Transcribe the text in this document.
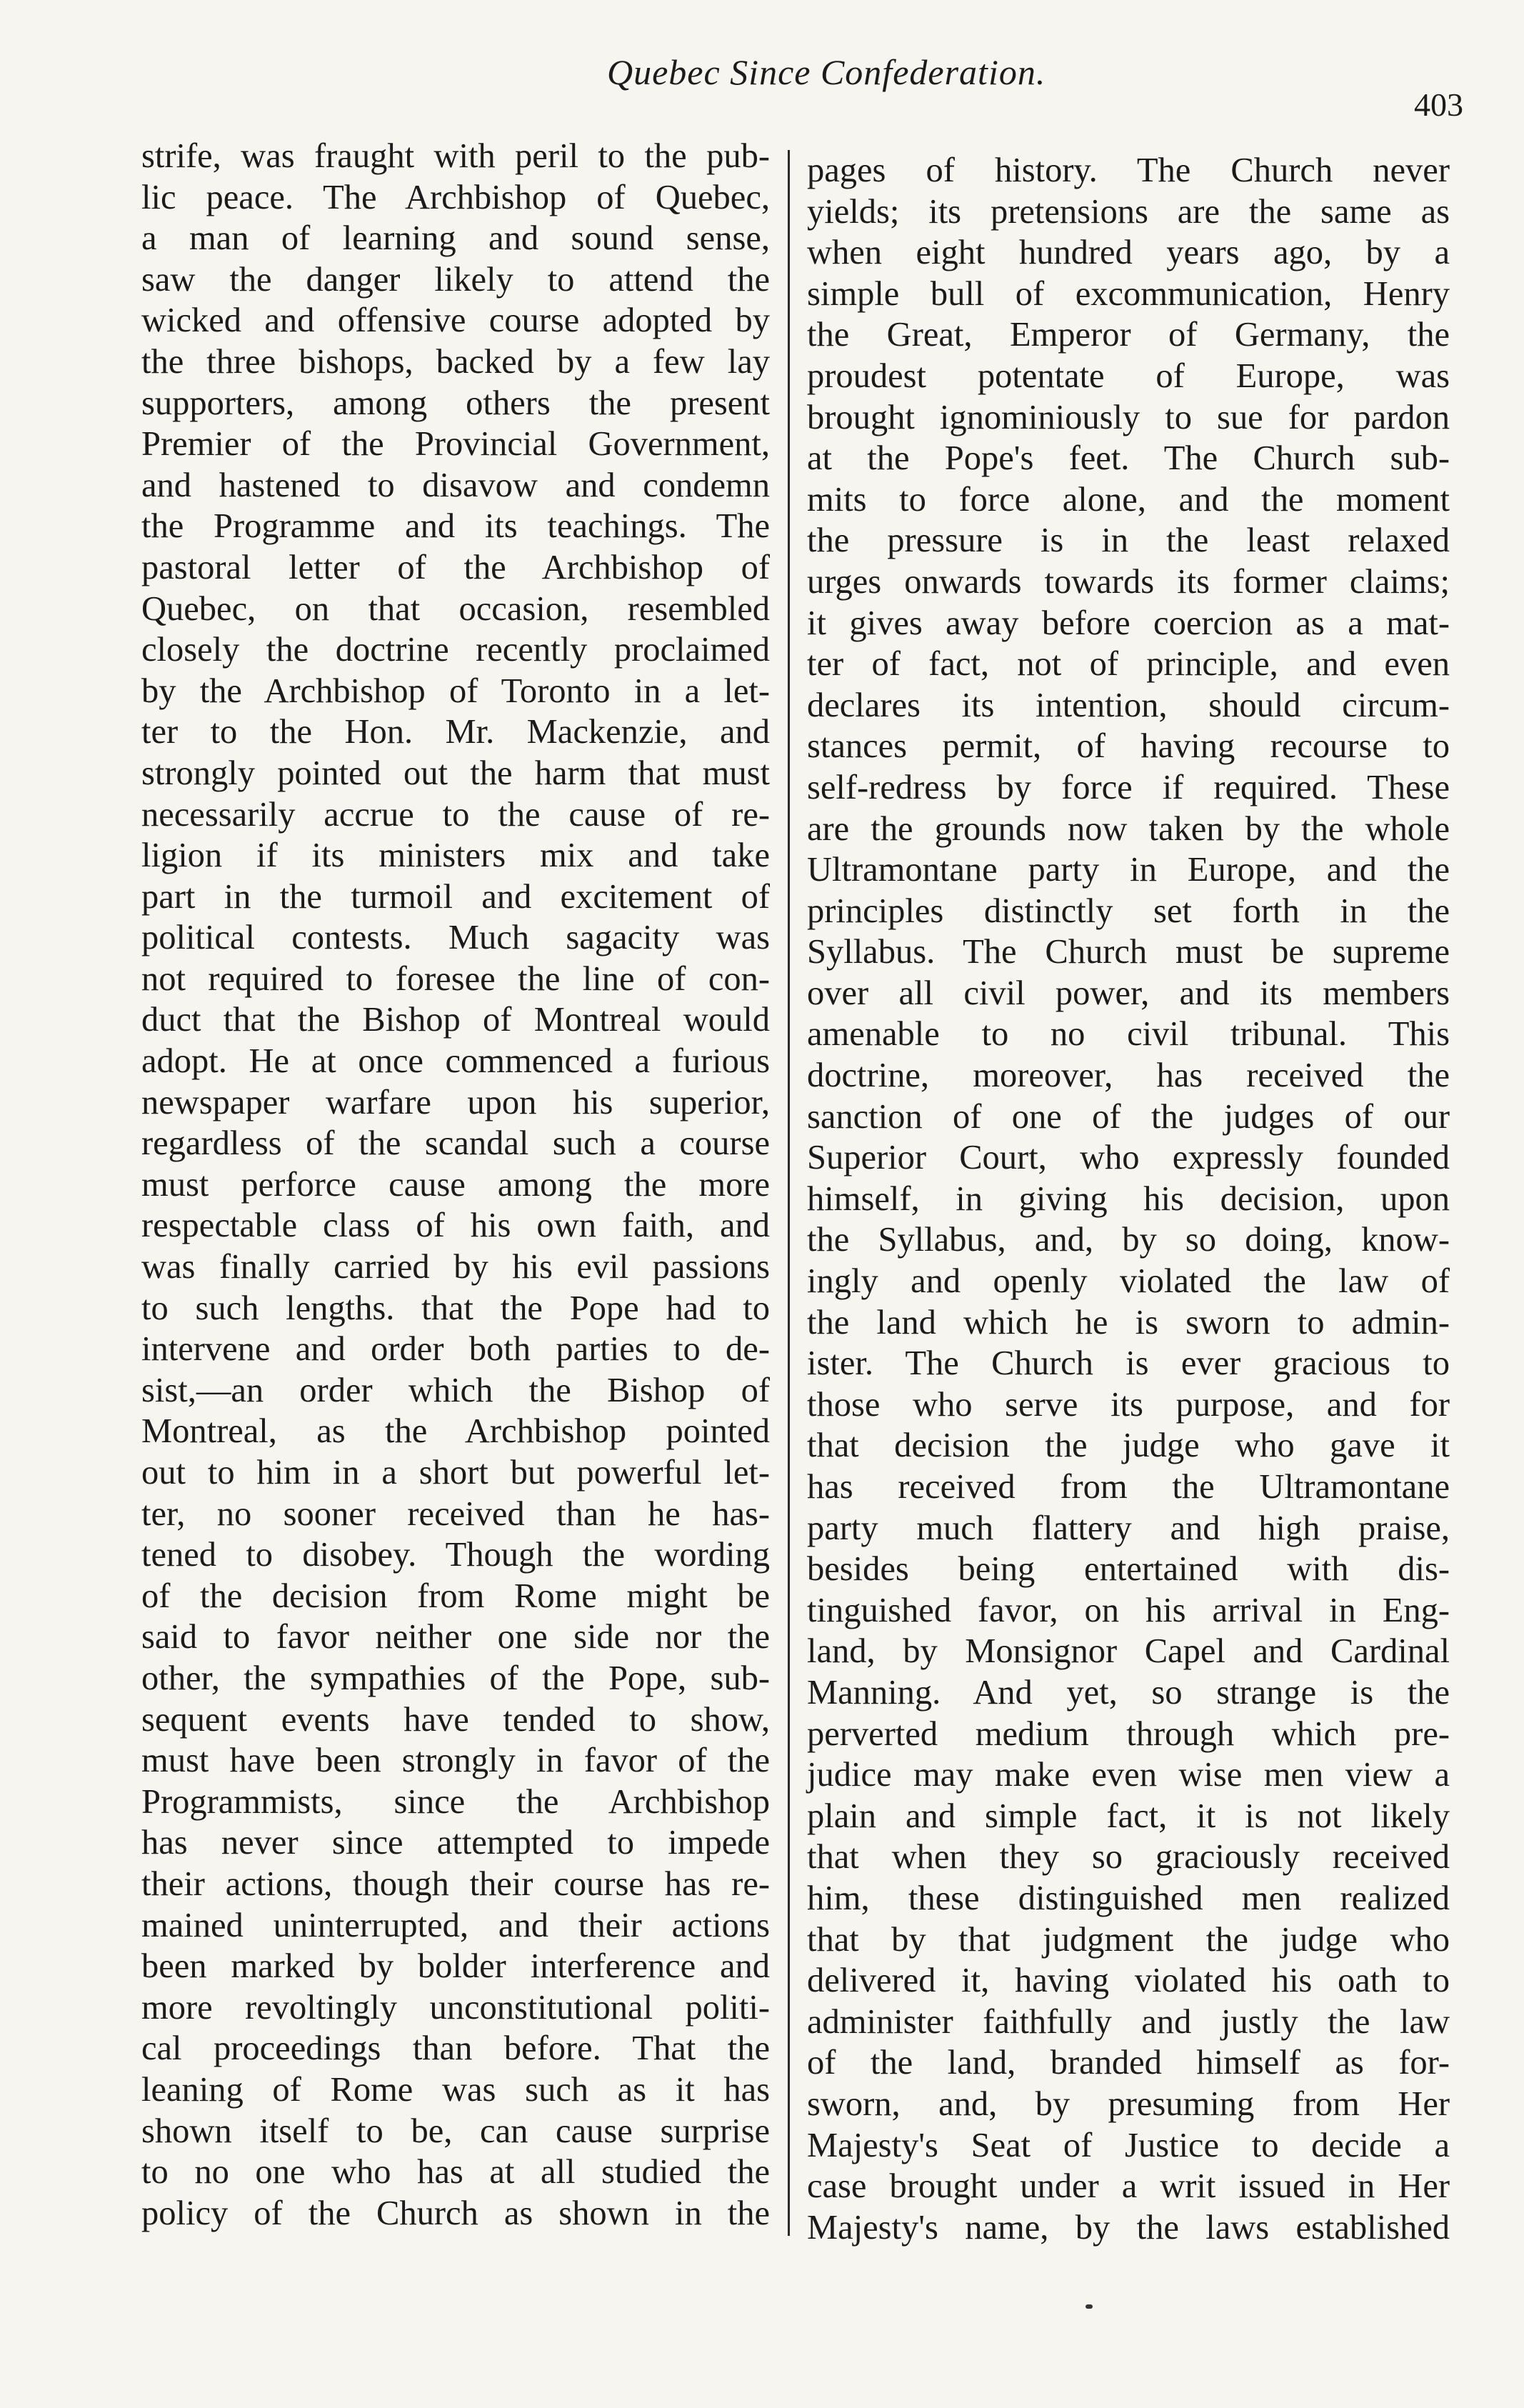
Quebec Since Confederation.
403
strife, was fraught with peril to the pub-
lic peace. The Archbishop of Quebec,
a man of learning and sound sense,
saw the danger likely to attend the
wicked and offensive course adopted by
the three bishops, backed by a few lay
supporters, among others the present
Premier of the Provincial Government,
and hastened to disavow and condemn
the Programme and its teachings. The
pastoral letter of the Archbishop of
Quebec, on that occasion, resembled
closely the doctrine recently proclaimed
by the Archbishop of Toronto in a let-
ter to the Hon. Mr. Mackenzie, and
strongly pointed out the harm that must
necessarily accrue to the cause of re-
ligion if its ministers mix and take
part in the turmoil and excitement of
political contests. Much sagacity was
not required to foresee the line of con-
duct that the Bishop of Montreal would
adopt. He at once commenced a furious
newspaper warfare upon his superior,
regardless of the scandal such a course
must perforce cause among the more
respectable class of his own faith, and
was finally carried by his evil passions
to such lengths. that the Pope had to
intervene and order both parties to de-
sist,—an order which the Bishop of
Montreal, as the Archbishop pointed
out to him in a short but powerful let-
ter, no sooner received than he has-
tened to disobey. Though the wording
of the decision from Rome might be
said to favor neither one side nor the
other, the sympathies of the Pope, sub-
sequent events have tended to show,
must have been strongly in favor of the
Programmists, since the Archbishop
has never since attempted to impede
their actions, though their course has re-
mained uninterrupted, and their actions
been marked by bolder interference and
more revoltingly unconstitutional politi-
cal proceedings than before. That the
leaning of Rome was such as it has
shown itself to be, can cause surprise
to no one who has at all studied the
policy of the Church as shown in the
pages of history. The Church never
yields; its pretensions are the same as
when eight hundred years ago, by a
simple bull of excommunication, Henry
the Great, Emperor of Germany, the
proudest potentate of Europe, was
brought ignominiously to sue for pardon
at the Pope's feet. The Church sub-
mits to force alone, and the moment
the pressure is in the least relaxed
urges onwards towards its former claims;
it gives away before coercion as a mat-
ter of fact, not of principle, and even
declares its intention, should circum-
stances permit, of having recourse to
self-redress by force if required. These
are the grounds now taken by the whole
Ultramontane party in Europe, and the
principles distinctly set forth in the
Syllabus. The Church must be supreme
over all civil power, and its members
amenable to no civil tribunal. This
doctrine, moreover, has received the
sanction of one of the judges of our
Superior Court, who expressly founded
himself, in giving his decision, upon
the Syllabus, and, by so doing, know-
ingly and openly violated the law of
the land which he is sworn to admin-
ister. The Church is ever gracious to
those who serve its purpose, and for
that decision the judge who gave it
has received from the Ultramontane
party much flattery and high praise,
besides being entertained with dis-
tinguished favor, on his arrival in Eng-
land, by Monsignor Capel and Cardinal
Manning. And yet, so strange is the
perverted medium through which pre-
judice may make even wise men view a
plain and simple fact, it is not likely
that when they so graciously received
him, these distinguished men realized
that by that judgment the judge who
delivered it, having violated his oath to
administer faithfully and justly the law
of the land, branded himself as for-
sworn, and, by presuming from Her
Majesty's Seat of Justice to decide a
case brought under a writ issued in Her
Majesty's name, by the laws established
